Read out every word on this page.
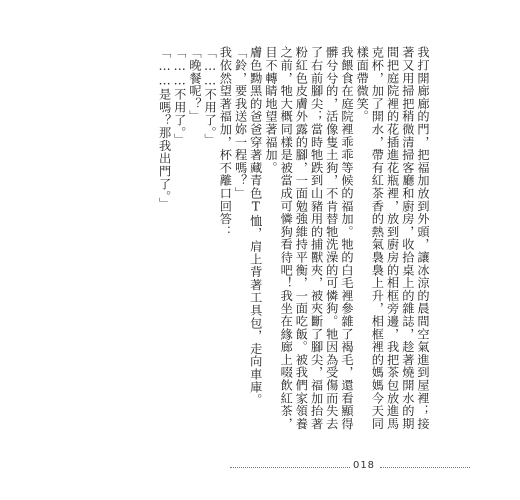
我打開廊廊的門，把福加放到外頭，讓冰涼的晨間空氣進到屋裡；接著又用掃把稍微清掃客廳和廚房，收拾桌上的雜誌，趁著燒開水的期間把庭院裡的花插進花瓶裡，放到廚房的相框旁邊，我把茶包放進馬克杯，加了開水，帶有紅茶香的熱氣裊裊上升，相框裡的媽媽今天同樣面帶微笑。

我餵食在庭院裡乖乖等候的福加。牠的白毛裡參雜了褐毛，還看顯得髒兮兮的，活像隻土狗，不肯替牠洗澡的可憐狗。牠因為受傷而失去了右前腳尖；當時牠跌到山豬用的捕獸夾，被夾斷了腳尖，福加抬著粉紅色皮膚外露的腳，一面勉強維持平衡，一面吃飯。被我們家領養之前，牠大概同樣是被當成可憐狗看待吧！我坐在緣廊上啜飲紅茶，目不轉睛地望著福加。

膚色黝黑的爸爸穿著藏青色T恤，肩上背著工具包，走向車庫。

「鈴，要我送妳一程嗎？」

我依然望著福加，杯不離口回答：

「……不用了。」

「晚餐呢？」

「……不用了。」

「……是嗎？那我出門了。」

018
